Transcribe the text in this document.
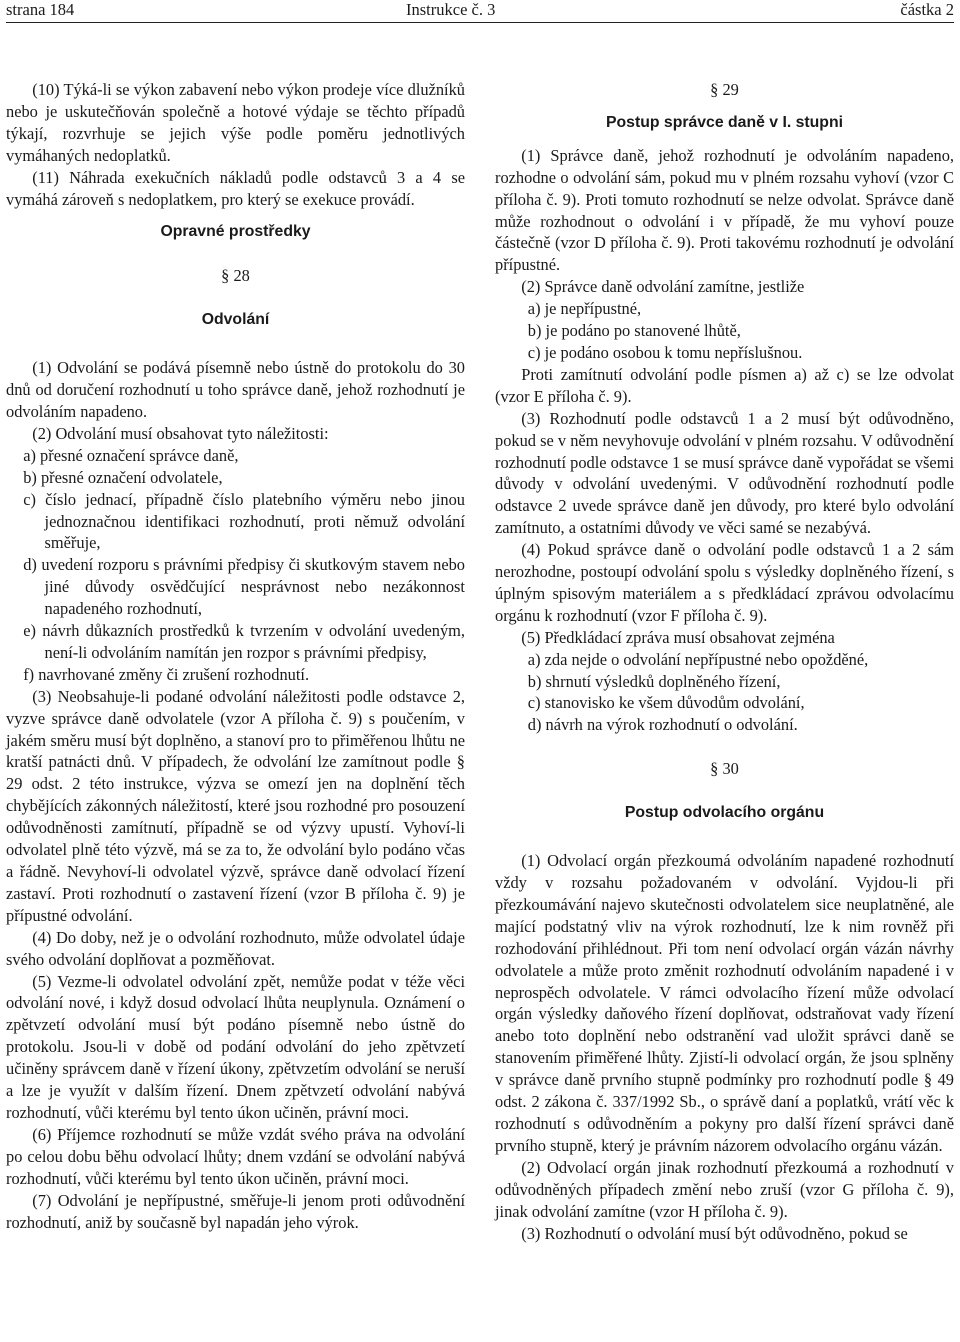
strana 184	Instrukce č. 3	částka 2

(10) Týká-li se výkon zabavení nebo výkon prodeje více dlužníků nebo je uskutečňován společně a hotové výdaje se těchto případů týkají, rozvrhuje se jejich výše podle poměru jednotlivých vymáhaných nedoplatků.

(11) Náhrada exekučních nákladů podle odstavců 3 a 4 se vymáhá zároveň s nedoplatkem, pro který se exekuce provádí.

Opravné prostředky

§ 28

Odvolání

(1) Odvolání se podává písemně nebo ústně do protokolu do 30 dnů od doručení rozhodnutí u toho správce daně, jehož rozhodnutí je odvoláním napadeno.

(2) Odvolání musí obsahovat tyto náležitosti:

a) přesné označení správce daně,

b) přesné označení odvolatele,

c) číslo jednací, případně číslo platebního výměru nebo jinou jednoznačnou identifikaci rozhodnutí, proti němuž odvolání směřuje,

d) uvedení rozporu s právními předpisy či skutkovým stavem nebo jiné důvody osvědčující nesprávnost nebo nezákonnost napadeného rozhodnutí,

e) návrh důkazních prostředků k tvrzením v odvolání uvedeným, není-li odvoláním namítán jen rozpor s právními předpisy,

f) navrhované změny či zrušení rozhodnutí.

(3) Neobsahuje-li podané odvolání náležitosti podle odstavce 2, vyzve správce daně odvolatele (vzor A příloha č. 9) s poučením, v jakém směru musí být doplněno, a stanoví pro to přiměřenou lhůtu ne kratší patnácti dnů. V případech, že odvolání lze zamítnout podle § 29 odst. 2 této instrukce, výzva se omezí jen na doplnění těch chybějících zákonných náležitostí, které jsou rozhodné pro posouzení odůvodněnosti zamítnutí, případně se od výzvy upustí. Vyhoví-li odvolatel plně této výzvě, má se za to, že odvolání bylo podáno včas a řádně. Nevyhoví-li odvolatel výzvě, správce daně odvolací řízení zastaví. Proti rozhodnutí o zastavení řízení (vzor B příloha č. 9) je přípustné odvolání.

(4) Do doby, než je o odvolání rozhodnuto, může odvolatel údaje svého odvolání doplňovat a pozměňovat.

(5) Vezme-li odvolatel odvolání zpět, nemůže podat v téže věci odvolání nové, i když dosud odvolací lhůta neuplynula. Oznámení o zpětvzetí odvolání musí být podáno písemně nebo ústně do protokolu. Jsou-li v době od podání odvolání do jeho zpětvzetí učiněny správcem daně v řízení úkony, zpětvzetím odvolání se neruší a lze je využít v dalším řízení. Dnem zpětvzetí odvolání nabývá rozhodnutí, vůči kterému byl tento úkon učiněn, právní moci.

(6) Příjemce rozhodnutí se může vzdát svého práva na odvolání po celou dobu běhu odvolací lhůty; dnem vzdání se odvolání nabývá rozhodnutí, vůči kterému byl tento úkon učiněn, právní moci.

(7) Odvolání je nepřípustné, směřuje-li jenom proti odůvodnění rozhodnutí, aniž by současně byl napadán jeho výrok.

§ 29

Postup správce daně v I. stupni

(1) Správce daně, jehož rozhodnutí je odvoláním napadeno, rozhodne o odvolání sám, pokud mu v plném rozsahu vyhoví (vzor C příloha č. 9). Proti tomuto rozhodnutí se nelze odvolat. Správce daně může rozhodnout o odvolání i v případě, že mu vyhoví pouze částečně (vzor D příloha č. 9). Proti takovému rozhodnutí je odvolání přípustné.

(2) Správce daně odvolání zamítne, jestliže

a) je nepřípustné,

b) je podáno po stanovené lhůtě,

c) je podáno osobou k tomu nepříslušnou.

Proti zamítnutí odvolání podle písmen a) až c) se lze odvolat (vzor E příloha č. 9).

(3) Rozhodnutí podle odstavců 1 a 2 musí být odůvodněno, pokud se v něm nevyhovuje odvolání v plném rozsahu. V odůvodnění rozhodnutí podle odstavce 1 se musí správce daně vypořádat se všemi důvody v odvolání uvedenými. V odůvodnění rozhodnutí podle odstavce 2 uvede správce daně jen důvody, pro které bylo odvolání zamítnuto, a ostatními důvody ve věci samé se nezabývá.

(4) Pokud správce daně o odvolání podle odstavců 1 a 2 sám nerozhodne, postoupí odvolání spolu s výsledky doplněného řízení, s úplným spisovým materiálem a s předkládací zprávou odvolacímu orgánu k rozhodnutí (vzor F příloha č. 9).

(5) Předkládací zpráva musí obsahovat zejména

a) zda nejde o odvolání nepřípustné nebo opožděné,

b) shrnutí výsledků doplněného řízení,

c) stanovisko ke všem důvodům odvolání,

d) návrh na výrok rozhodnutí o odvolání.

§ 30

Postup odvolacího orgánu

(1) Odvolací orgán přezkoumá odvoláním napadené rozhodnutí vždy v rozsahu požadovaném v odvolání. Vyjdou-li při přezkoumávání najevo skutečnosti odvolatelem sice neuplatněné, ale mající podstatný vliv na výrok rozhodnutí, lze k nim rovněž při rozhodování přihlédnout. Při tom není odvolací orgán vázán návrhy odvolatele a může proto změnit rozhodnutí odvoláním napadené i v neprospěch odvolatele. V rámci odvolacího řízení může odvolací orgán výsledky daňového řízení doplňovat, odstraňovat vady řízení anebo toto doplnění nebo odstranění vad uložit správci daně se stanovením přiměřené lhůty. Zjistí-li odvolací orgán, že jsou splněny v správce daně prvního stupně podmínky pro rozhodnutí podle § 49 odst. 2 zákona č. 337/1992 Sb., o správě daní a poplatků, vrátí věc k rozhodnutí s odůvodněním a pokyny pro další řízení správci daně prvního stupně, který je právním názorem odvolacího orgánu vázán.

(2) Odvolací orgán jinak rozhodnutí přezkoumá a rozhodnutí v odůvodněných případech změní nebo zruší (vzor G příloha č. 9), jinak odvolání zamítne (vzor H příloha č. 9).

(3) Rozhodnutí o odvolání musí být odůvodněno, pokud se
